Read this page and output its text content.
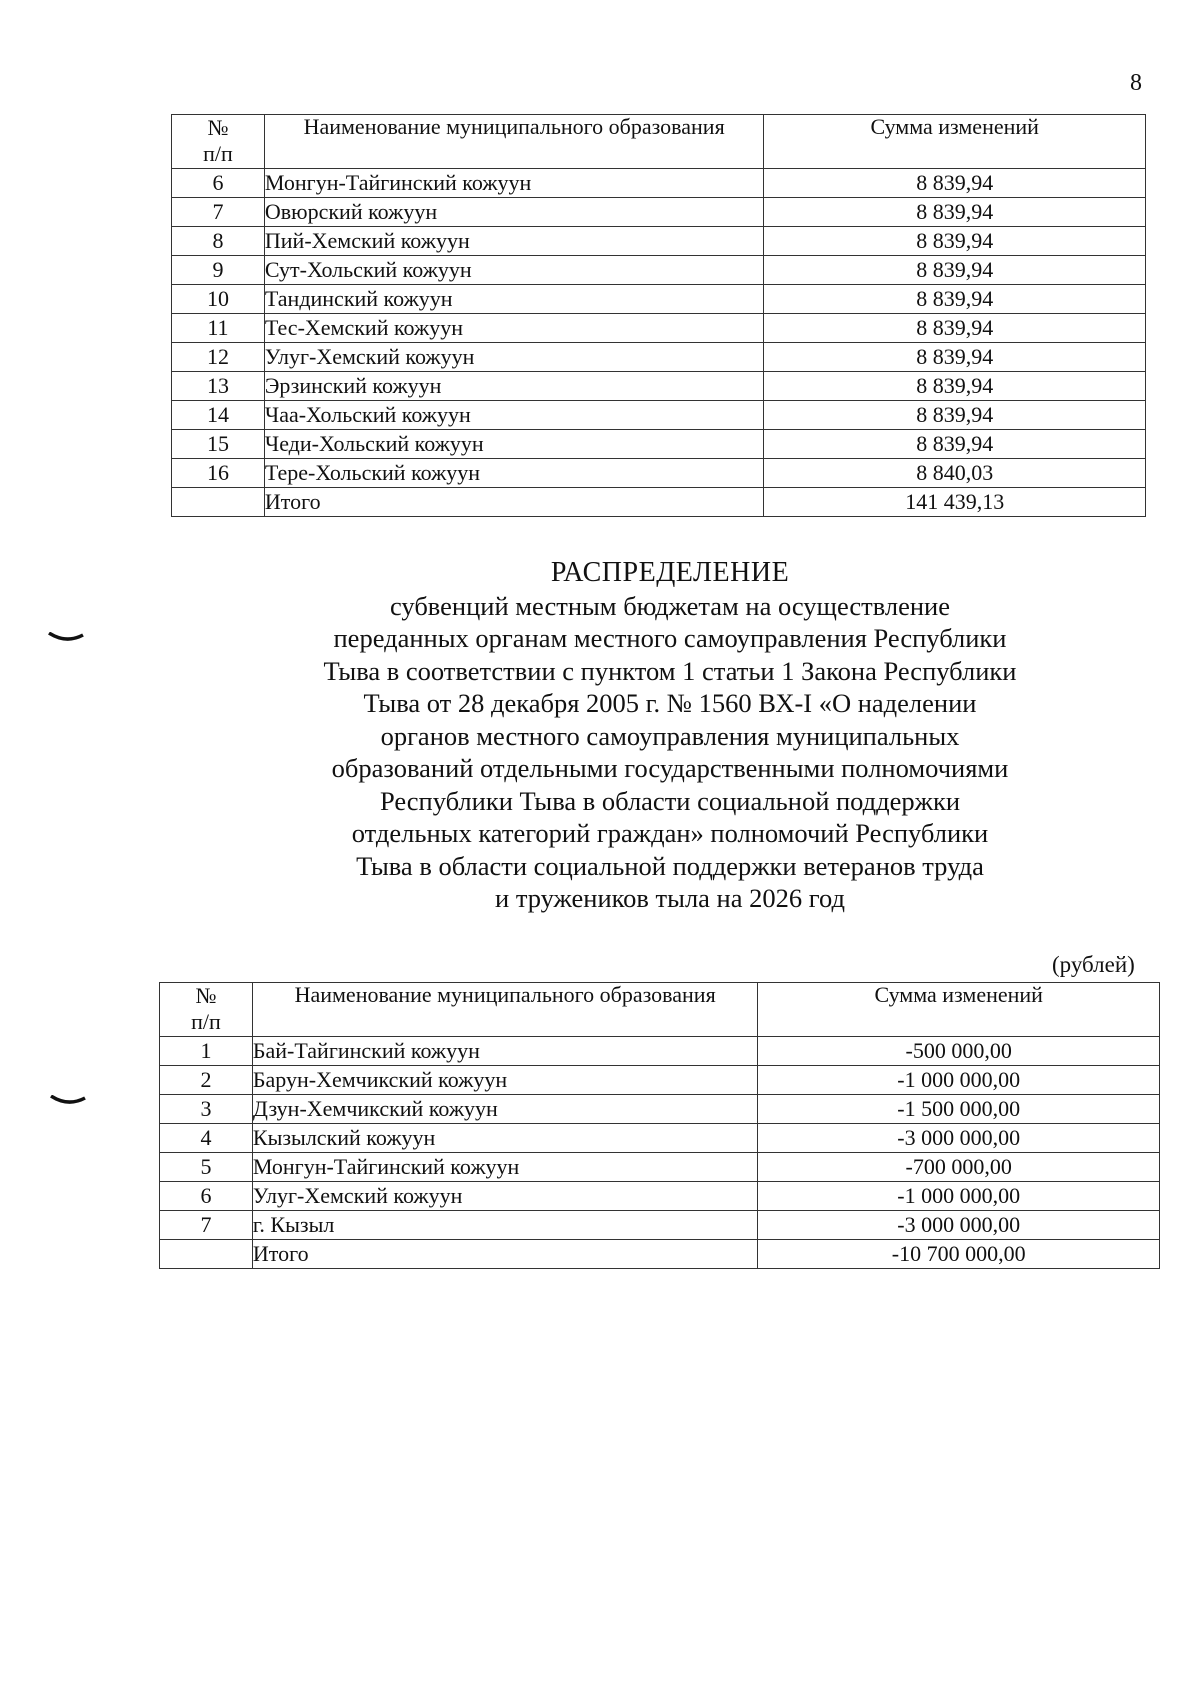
8
№
п/п	Наименование муниципального образования	Сумма изменений
6	Монгун-Тайгинский кожуун	8 839,94
7	Овюрский кожуун	8 839,94
8	Пий-Хемский кожуун	8 839,94
9	Сут-Хольский кожуун	8 839,94
10	Тандинский кожуун	8 839,94
11	Тес-Хемский кожуун	8 839,94
12	Улуг-Хемский кожуун	8 839,94
13	Эрзинский кожуун	8 839,94
14	Чаа-Хольский кожуун	8 839,94
15	Чеди-Хольский кожуун	8 839,94
16	Тере-Хольский кожуун	8 840,03
	Итого	141 439,13
РАСПРЕДЕЛЕНИЕ
субвенций местным бюджетам на осуществление
переданных органам местного самоуправления Республики
Тыва в соответствии с пунктом 1 статьи 1 Закона Республики
Тыва от 28 декабря 2005 г. № 1560 ВХ-I «О наделении
органов местного самоуправления муниципальных
образований отдельными государственными полномочиями
Республики Тыва в области социальной поддержки
отдельных категорий граждан» полномочий Республики
Тыва в области социальной поддержки ветеранов труда
и тружеников тыла на 2026 год
(рублей)
№
п/п	Наименование муниципального образования	Сумма изменений
1	Бай-Тайгинский кожуун	-500 000,00
2	Барун-Хемчикский кожуун	-1 000 000,00
3	Дзун-Хемчикский кожуун	-1 500 000,00
4	Кызылский кожуун	-3 000 000,00
5	Монгун-Тайгинский кожуун	-700 000,00
6	Улуг-Хемский кожуун	-1 000 000,00
7	г. Кызыл	-3 000 000,00
	Итого	-10 700 000,00
